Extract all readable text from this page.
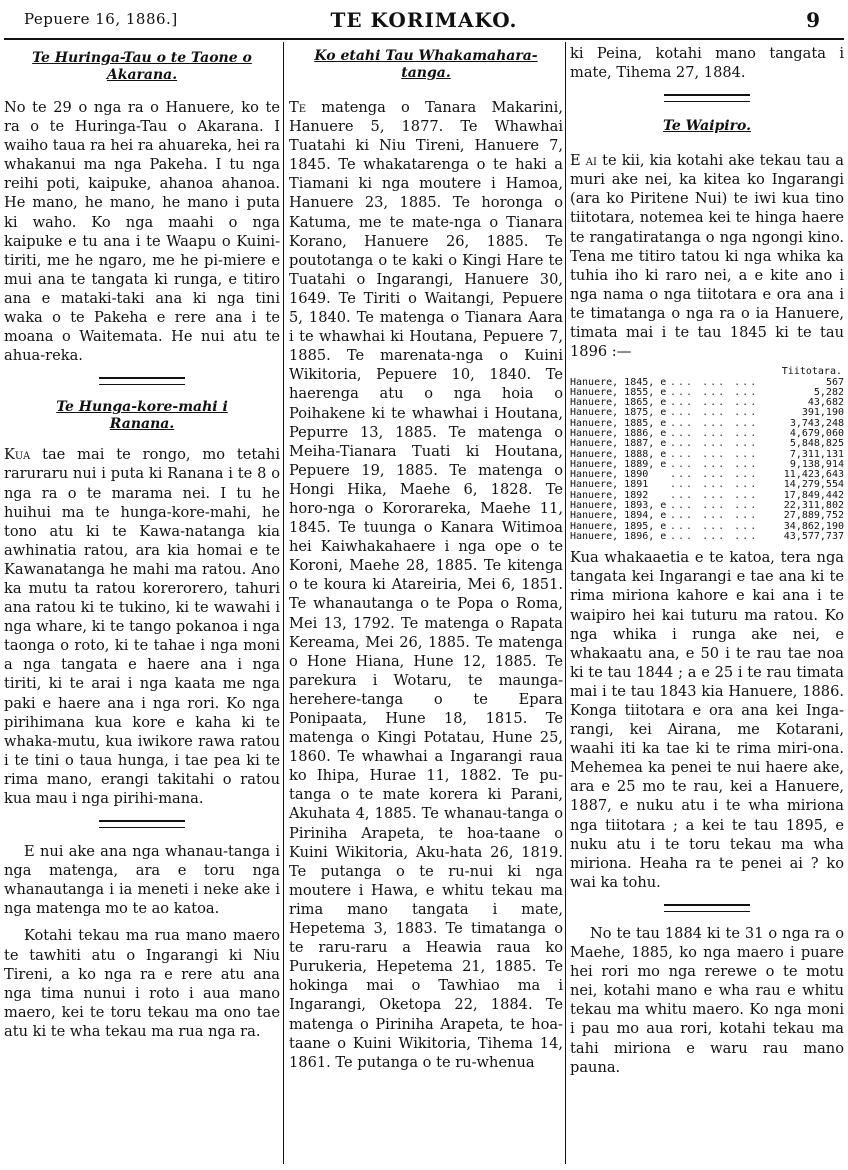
Pepuere 16, 1886.]	TE KORIMAKO.	9
Te Huringa-Tau o te Taone o Akarana.

No te 29 o nga ra o Hanuere, ko te ra o te Huringa-Tau o Akarana. I waiho taua ra hei ra ahuareka, hei ra whakanui ma nga Pakeha. I tu nga reihi poti, kaipuke, ahanoa ahanoa. He mano, he mano, he mano i puta ki waho. Ko nga maahi o nga kaipuke e tu ana i te Waapu o Kuini-tiriti, me he ngaro, me he pi-miere e mui ana te tangata ki runga, e titiro ana e mataki-taki ana ki nga tini waka o te Pakeha e rere ana i te moana o Waitemata. He nui atu te ahua-reka.

Te Hunga-kore-mahi i Ranana.

Kua tae mai te rongo, mo tetahi raruraru nui i puta ki Ranana i te 8 o nga ra o te marama nei. I tu he huihui ma te hunga-kore-mahi, he tono atu ki te Kawa-natanga kia awhinatia ratou, ara kia homai e te Kawanatanga he mahi ma ratou. Ano ka mutu ta ratou korerorero, tahuri ana ratou ki te tukino, ki te wawahi i nga whare, ki te tango pokanoa i nga taonga o roto, ki te tahae i nga moni a nga tangata e haere ana i nga tiriti, ki te arai i nga kaata me nga paki e haere ana i nga rori. Ko nga pirihimana kua kore e kaha ki te whaka-mutu, kua iwikore rawa ratou i te tini o taua hunga, i tae pea ki te rima mano, erangi takitahi o ratou kua mau i nga pirihi-mana.

E nui ake ana nga whanau-tanga i nga matenga, ara e toru nga whanautanga i ia meneti i neke ake i nga matenga mo te ao katoa.

Kotahi tekau ma rua mano maero te tawhiti atu o Ingarangi ki Niu Tireni, a ko nga ra e rere atu ana nga tima nunui i roto i aua mano maero, kei te toru tekau ma ono tae atu ki te wha tekau ma rua nga ra.

Ko etahi Tau Whakamahara-tanga.

Te matenga o Tanara Makarini, Hanuere 5, 1877. Te Whawhai Tuatahi ki Niu Tireni, Hanuere 7, 1845. Te whakatarenga o te haki a Tiamani ki nga moutere i Hamoa, Hanuere 23, 1885. Te horonga o Katuma, me te mate-nga o Tianara Korano, Hanuere 26, 1885. Te poutotanga o te kaki o Kingi Hare te Tuatahi o Ingarangi, Hanuere 30, 1649. Te Tiriti o Waitangi, Pepuere 5, 1840. Te matenga o Tianara Aara i te whawhai ki Houtana, Pepuere 7, 1885. Te marenata-nga o Kuini Wikitoria, Pepuere 10, 1840. Te haerenga atu o nga hoia o Poihakene ki te whawhai i Houtana, Pepurre 13, 1885. Te matenga o Meiha-Tianara Tuati ki Houtana, Pepuere 19, 1885. Te matenga o Hongi Hika, Maehe 6, 1828. Te horo-nga o Kororareka, Maehe 11, 1845. Te tuunga o Kanara Witimoa hei Kaiwhakahaere i nga ope o te Koroni, Maehe 28, 1885. Te kitenga o te koura ki Atareiria, Mei 6, 1851. Te whanautanga o te Popa o Roma, Mei 13, 1792. Te matenga o Rapata Kereama, Mei 26, 1885. Te matenga o Hone Hiana, Hune 12, 1885. Te parekura i Wotaru, te maunga-herehere-tanga o te Epara Ponipaata, Hune 18, 1815. Te matenga o Kingi Potatau, Hune 25, 1860. Te whawhai a Ingarangi raua ko Ihipa, Hurae 11, 1882. Te pu-tanga o te mate korera ki Parani, Akuhata 4, 1885. Te whanau-tanga o Piriniha Arapeta, te hoa-taane o Kuini Wikitoria, Aku-hata 26, 1819. Te putanga o te ru-nui ki nga moutere i Hawa, e whitu tekau ma rima mano tangata i mate, Hepetema 3, 1883. Te timatanga o te raru-raru a Heawia raua ko Purukeria, Hepetema 21, 1885. Te hokinga mai o Tawhiao ma i Ingarangi, Oketopa 22, 1884. Te matenga o Piriniha Arapeta, te hoa-taane o Kuini Wikitoria, Tihema 14, 1861. Te putanga o te ru-whenua

ki Peina, kotahi mano tangata i mate, Tihema 27, 1884.

Te Waipiro.

E ai te kii, kia kotahi ake tekau tau a muri ake nei, ka kitea ko Ingarangi (ara ko Piritene Nui) te iwi kua tino tiitotara, notemea kei te hinga haere te rangatiratanga o nga ngongi kino. Tena me titiro tatou ki nga whika ka tuhia iho ki raro nei, a e kite ano i nga nama o nga tiitotara e ora ana i te timatanga o nga ra o ia Hanuere, timata mai i te tau 1845 ki te tau 1896 :—

Tiitotara.
Hanuere, 1845, e ... ... ...	567
Hanuere, 1855, e ... ... ...	5,282
Hanuere, 1865, e ... ... ...	43,682
Hanuere, 1875, e ... ... ...	391,190
Hanuere, 1885, e ... ... ...	3,743,248
Hanuere, 1886, e ... ... ...	4,679,060
Hanuere, 1887, e ... ... ...	5,848,825
Hanuere, 1888, e ... ... ...	7,311,131
Hanuere, 1889, e ... ... ...	9,138,914
Hanuere, 1890	... ... ...	11,423,643
Hanuere, 1891	... ... ...	14,279,554
Hanuere, 1892	... ... ...	17,849,442
Hanuere, 1893, e ... ... ...	22,311,802
Hanuere, 1894, e ... ... ...	27,889,752
Hanuere, 1895, e ... ... ...	34,862,190
Hanuere, 1896, e ... ... ...	43,577,737

Kua whakaaetia e te katoa, tera nga tangata kei Ingarangi e tae ana ki te rima miriona kahore e kai ana i te waipiro hei kai tuturu ma ratou. Ko nga whika i runga ake nei, e whakaatu ana, e 50 i te rau tae noa ki te tau 1844 ; a e 25 i te rau timata mai i te tau 1843 kia Hanuere, 1886. Konga tiitotara e ora ana kei Inga-rangi, kei Airana, me Kotarani, waahi iti ka tae ki te rima miri-ona. Mehemea ka penei te nui haere ake, ara e 25 mo te rau, kei a Hanuere, 1887, e nuku atu i te wha miriona nga tiitotara ; a kei te tau 1895, e nuku atu i te toru tekau ma wha miriona. Heaha ra te penei ai ? ko wai ka tohu.

No te tau 1884 ki te 31 o nga ra o Maehe, 1885, ko nga maero i puare hei rori mo nga rerewe o te motu nei, kotahi mano e wha rau e whitu tekau ma whitu maero. Ko nga moni i pau mo aua rori, kotahi tekau ma tahi miriona e waru rau mano pauna.
